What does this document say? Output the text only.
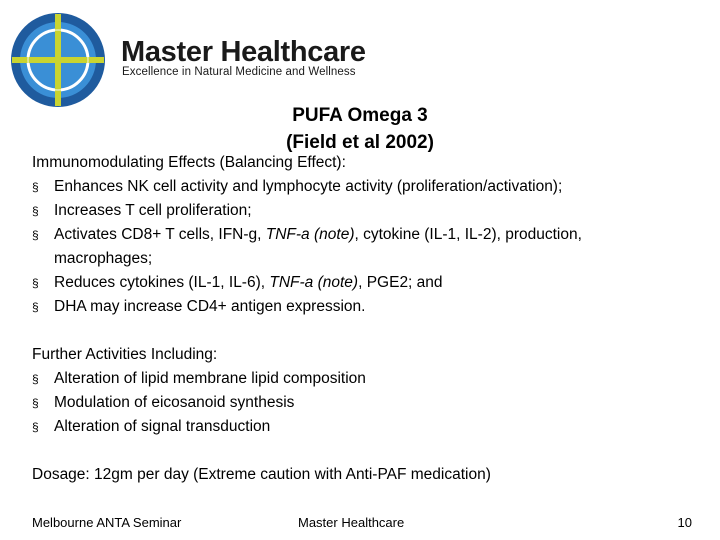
Master Healthcare
Excellence in Natural Medicine and Wellness
PUFA Omega 3
(Field et al 2002)
Immunomodulating Effects (Balancing Effect):
§ Enhances NK cell activity and lymphocyte activity (proliferation/activation);
§ Increases T cell proliferation;
§ Activates CD8+ T cells, IFN-g, TNF-a (note), cytokine (IL-1, IL-2), production,
macrophages;
§ Reduces cytokines (IL-1, IL-6), TNF-a (note), PGE2; and
§ DHA may increase CD4+ antigen expression.
Further Activities Including:
§ Alteration of lipid membrane lipid composition
§ Modulation of eicosanoid synthesis
§ Alteration of signal transduction
Dosage: 12gm per day (Extreme caution with Anti-PAF medication)
Melbourne ANTA Seminar	Master Healthcare	10
